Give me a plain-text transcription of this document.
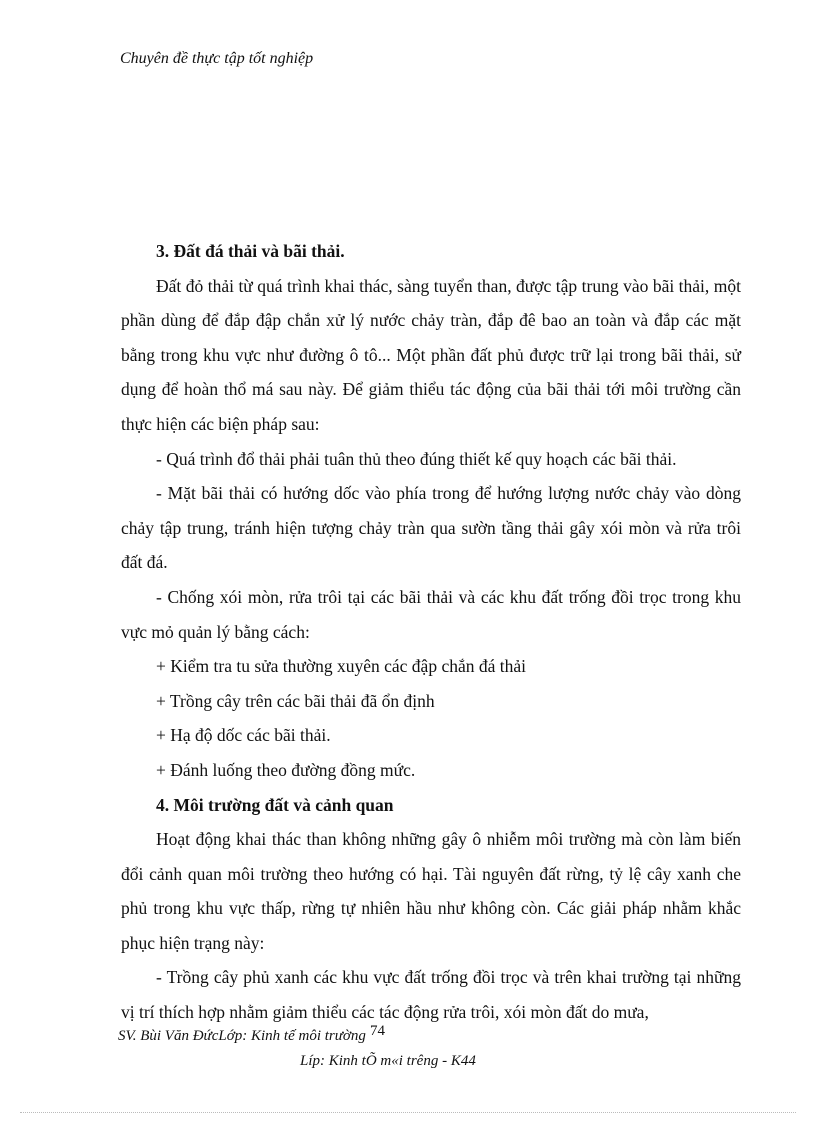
Chuyên đề thực tập tốt nghiệp

3. Đất đá thải và bãi thải.

Đất đỏ thải từ quá trình khai thác, sàng tuyển than, được tập trung vào bãi thải, một phần dùng để đắp đập chắn xử lý nước chảy tràn, đắp đê bao an toàn và đắp các mặt bằng trong khu vực như đường ô tô... Một phần đất phủ được trữ lại trong bãi thải, sử dụng để hoàn thổ má sau này. Để giảm thiểu tác động của bãi thải tới môi trường cần thực hiện các biện pháp sau:

- Quá trình đổ thải phải tuân thủ theo đúng thiết kế quy hoạch các bãi thải.

- Mặt bãi thải có hướng dốc vào phía trong để hướng lượng nước chảy vào dòng chảy tập trung, tránh hiện tượng chảy tràn qua sườn tầng thải gây xói mòn và rửa trôi đất đá.

- Chống xói mòn, rửa trôi tại các bãi thải và các khu đất trống đồi trọc trong khu vực mỏ quản lý bằng cách:

+ Kiểm tra tu sửa thường xuyên các đập chắn đá thải

+ Trồng cây trên các bãi thải đã ổn định

+ Hạ độ dốc các bãi thải.

+ Đánh luống theo đường đồng mức.

4. Môi trường đất và cảnh quan

Hoạt động khai thác than không những gây ô nhiễm môi trường mà còn làm biến đổi cảnh quan môi trường theo hướng có hại. Tài nguyên đất rừng, tỷ lệ cây xanh che phủ trong khu vực thấp, rừng tự nhiên hầu như không còn. Các giải pháp nhằm khắc phục hiện trạng này:

- Trồng cây phủ xanh các khu vực đất trống đồi trọc và trên khai trường tại những vị trí thích hợp nhằm giảm thiểu các tác động rửa trôi, xói mòn đất do mưa,

SV. Bùi Văn ĐứcLớp: Kinh tế môi trường 74
Líp: Kinh tÕ m«i trêng - K44
